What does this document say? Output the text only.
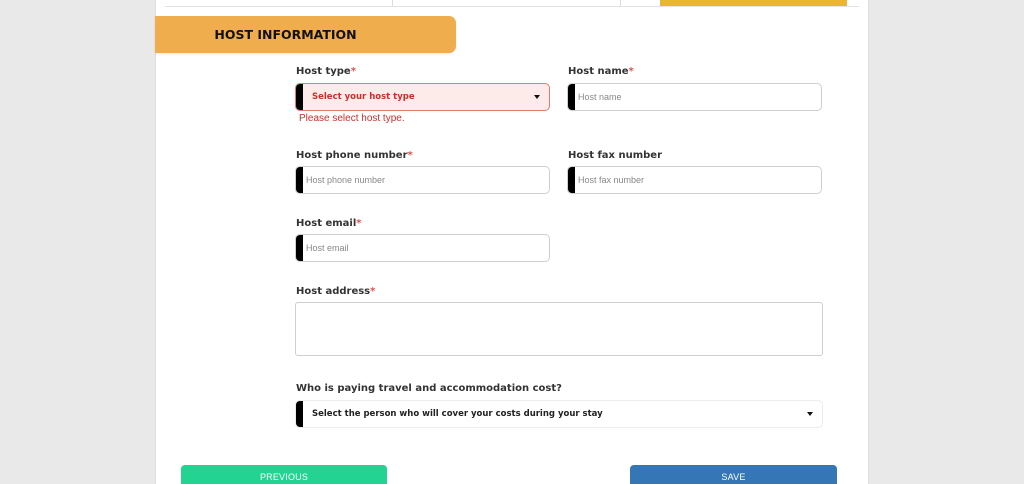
HOST INFORMATION
Host type*
Select your host type
Please select host type.
Host name*
Host name
Host phone number*
Host phone number	Host fax number
Host fax number
Host email*
Host email
Host address*
Who is paying travel and accommodation cost?
Select the person who will cover your costs during your stay
PREVIOUS	SAVE
